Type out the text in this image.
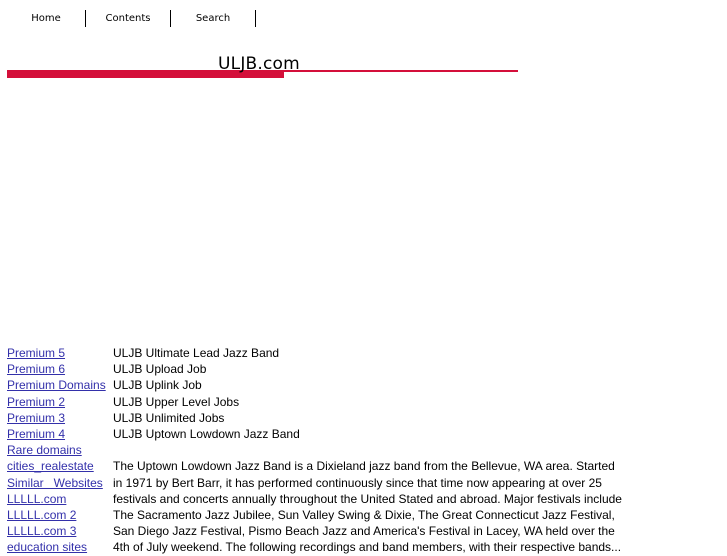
Home	Contents	Search
ULJB.com
Premium 5
Premium 6
Premium Domains
Premium 2
Premium 3
Premium 4
Rare domains
cities_realestate
Similar   Websites
LLLLL.com
LLLLL.com 2
LLLLL.com 3
education sites
ULJB Ultimate Lead Jazz Band
ULJB Upload Job
ULJB Uplink Job
ULJB Upper Level Jobs
ULJB Unlimited Jobs
ULJB Uptown Lowdown Jazz Band

The Uptown Lowdown Jazz Band is a Dixieland jazz band from the Bellevue, WA area. Started in 1971 by Bert Barr, it has performed continuously since that time now appearing at over 25 festivals and concerts annually throughout the United Stated and abroad. Major festivals include The Sacramento Jazz Jubilee, Sun Valley Swing & Dixie, The Great Connecticut Jazz Festival, San Diego Jazz Festival, Pismo Beach Jazz and America's Festival in Lacey, WA held over the 4th of July weekend. The following recordings and band members, with their respective bands...
